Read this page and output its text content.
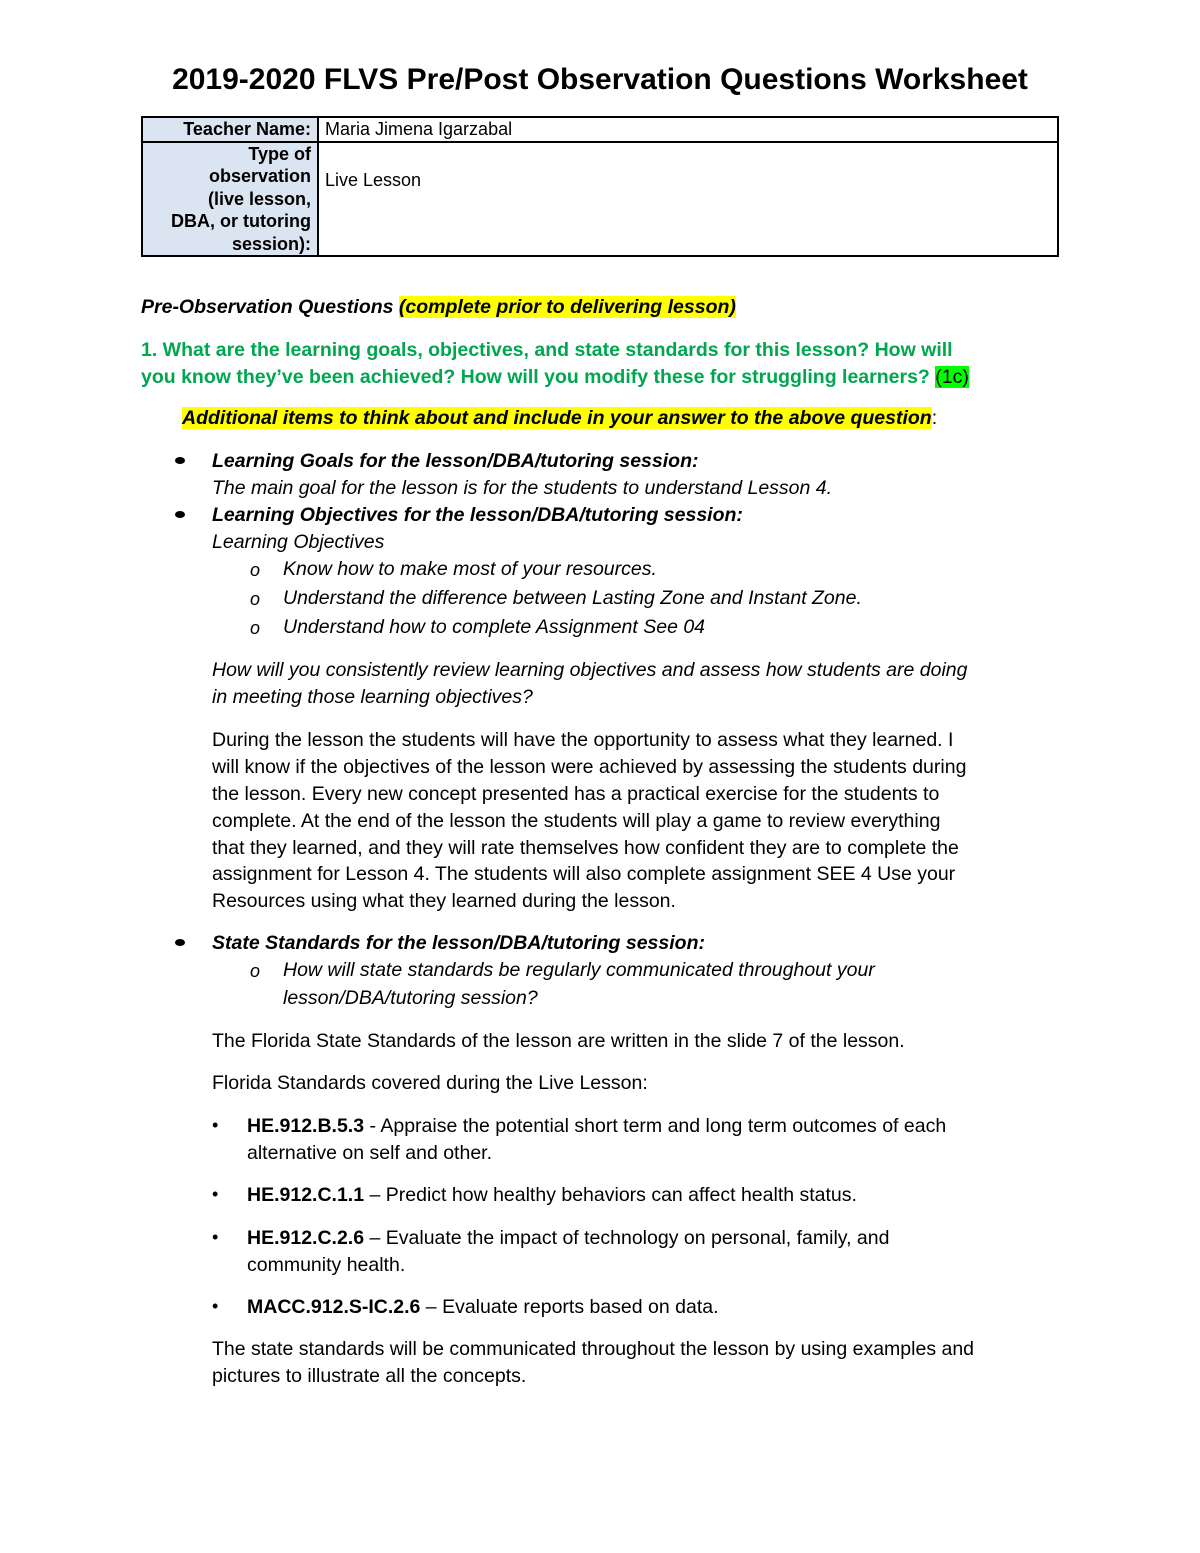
2019-2020 FLVS Pre/Post Observation Questions Worksheet
Teacher Name:	Maria Jimena Igarzabal

Type of
observation
(live lesson,
DBA, or tutoring
session):	Live Lesson
Pre-Observation Questions (complete prior to delivering lesson)
1. What are the learning goals, objectives, and state standards for this lesson? How will
you know they’ve been achieved? How will you modify these for struggling learners? (1c)
Additional items to think about and include in your answer to the above question:
Learning Goals for the lesson/DBA/tutoring session:
The main goal for the lesson is for the students to understand Lesson 4.
Learning Objectives for the lesson/DBA/tutoring session:
Learning Objectives
o Know how to make most of your resources.
o Understand the difference between Lasting Zone and Instant Zone.
o Understand how to complete Assignment See 04
How will you consistently review learning objectives and assess how students are doing
in meeting those learning objectives?
During the lesson the students will have the opportunity to assess what they learned. I
will know if the objectives of the lesson were achieved by assessing the students during
the lesson. Every new concept presented has a practical exercise for the students to
complete. At the end of the lesson the students will play a game to review everything
that they learned, and they will rate themselves how confident they are to complete the
assignment for Lesson 4. The students will also complete assignment SEE 4 Use your
Resources using what they learned during the lesson.
State Standards for the lesson/DBA/tutoring session:
o How will state standards be regularly communicated throughout your
lesson/DBA/tutoring session?
The Florida State Standards of the lesson are written in the slide 7 of the lesson.
Florida Standards covered during the Live Lesson:
• HE.912.B.5.3 - Appraise the potential short term and long term outcomes of each
alternative on self and other.
• HE.912.C.1.1 – Predict how healthy behaviors can affect health status.
• HE.912.C.2.6 – Evaluate the impact of technology on personal, family, and
community health.
• MACC.912.S-IC.2.6 – Evaluate reports based on data.
The state standards will be communicated throughout the lesson by using examples and
pictures to illustrate all the concepts.
